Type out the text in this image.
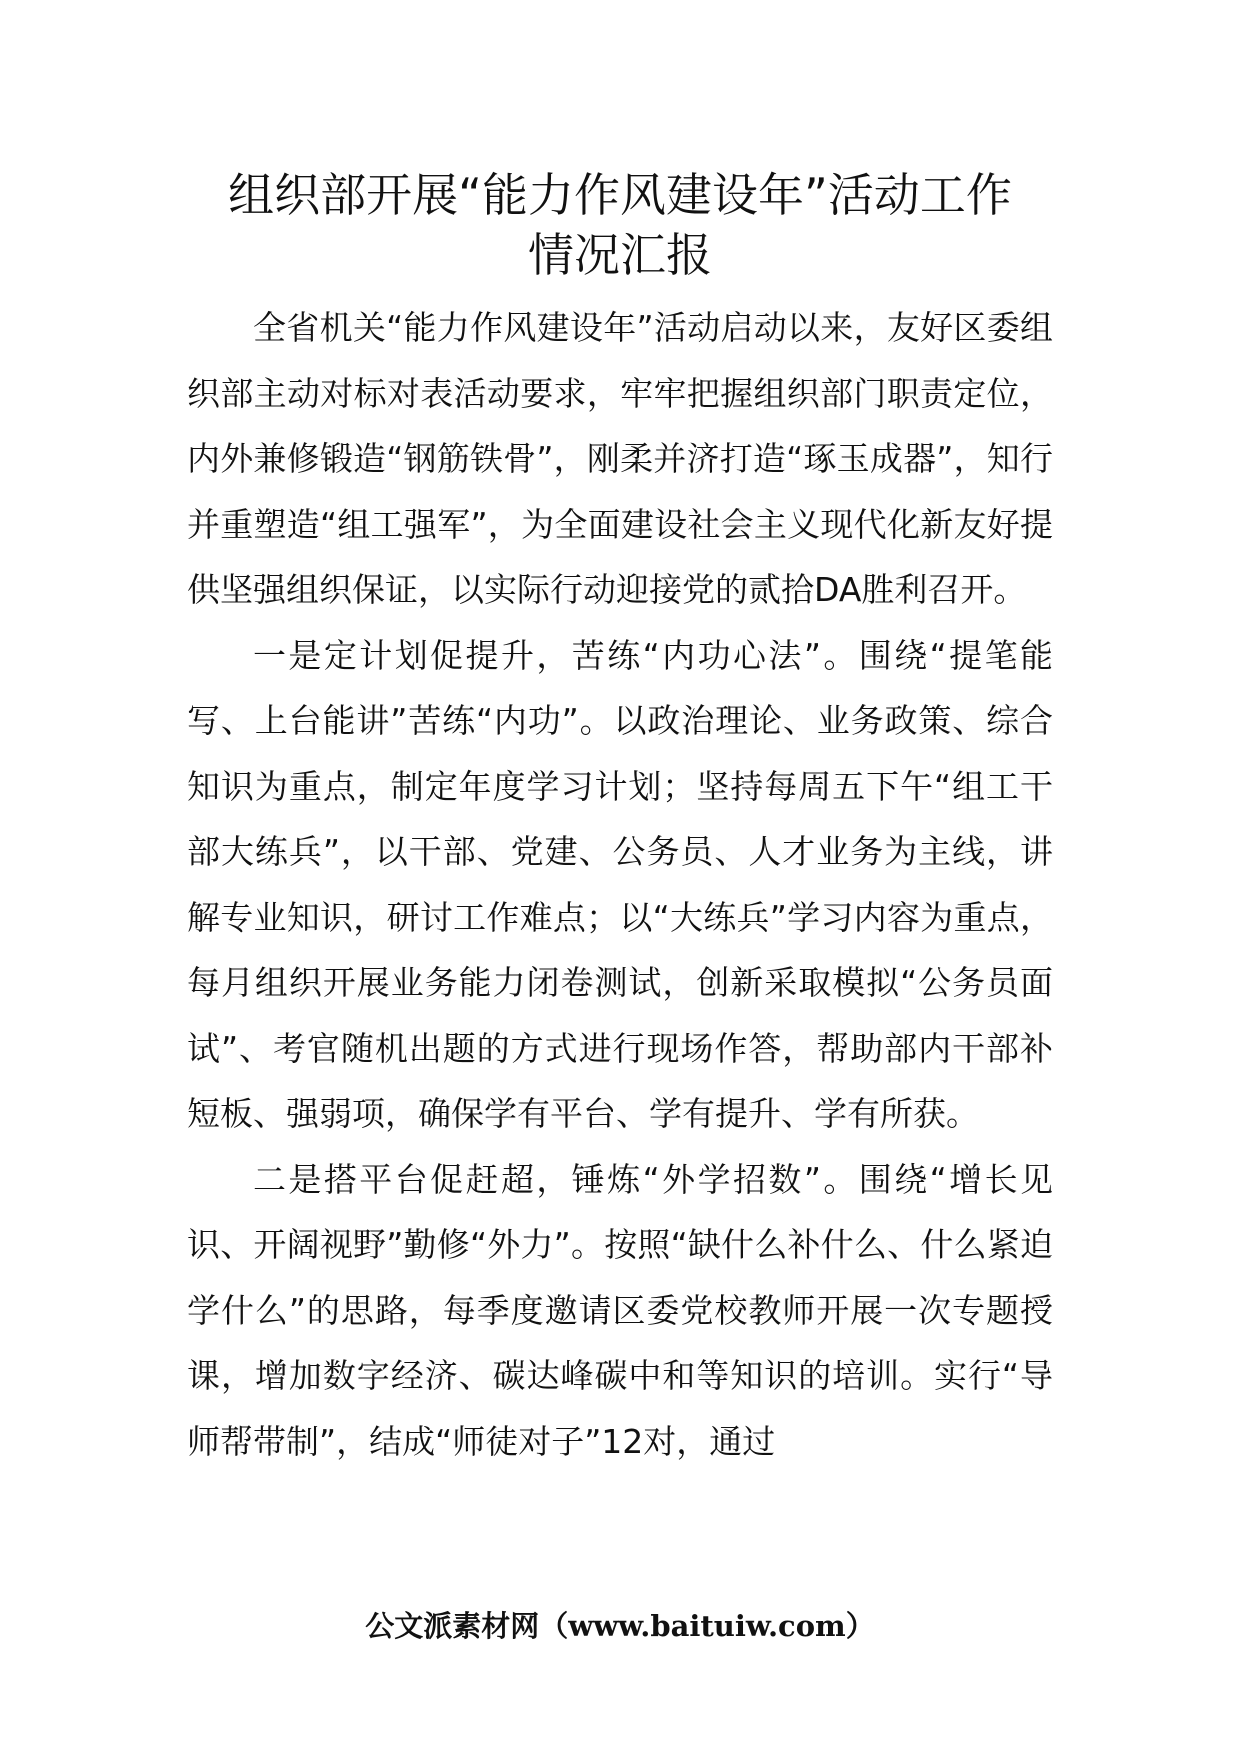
组织部开展“能力作风建设年”活动工作
情况汇报

全省机关“能力作风建设年”活动启动以来，友好区委组织部主动对标对表活动要求，牢牢把握组织部门职责定位，内外兼修锻造“钢筋铁骨”，刚柔并济打造“琢玉成器”，知行并重塑造“组工强军”，为全面建设社会主义现代化新友好提供坚强组织保证，以实际行动迎接党的贰拾DA胜利召开。

一是定计划促提升，苦练“内功心法”。围绕“提笔能写、上台能讲”苦练“内功”。以政治理论、业务政策、综合知识为重点，制定年度学习计划；坚持每周五下午“组工干部大练兵”，以干部、党建、公务员、人才业务为主线，讲解专业知识，研讨工作难点；以“大练兵”学习内容为重点，每月组织开展业务能力闭卷测试，创新采取模拟“公务员面试”、考官随机出题的方式进行现场作答，帮助部内干部补短板、强弱项，确保学有平台、学有提升、学有所获。

二是搭平台促赶超，锤炼“外学招数”。围绕“增长见识、开阔视野”勤修“外力”。按照“缺什么补什么、什么紧迫学什么”的思路，每季度邀请区委党校教师开展一次专题授课，增加数字经济、碳达峰碳中和等知识的培训。实行“导师帮带制”，结成“师徒对子”12对，通过

公文派素材网（www.baituiw.com）
